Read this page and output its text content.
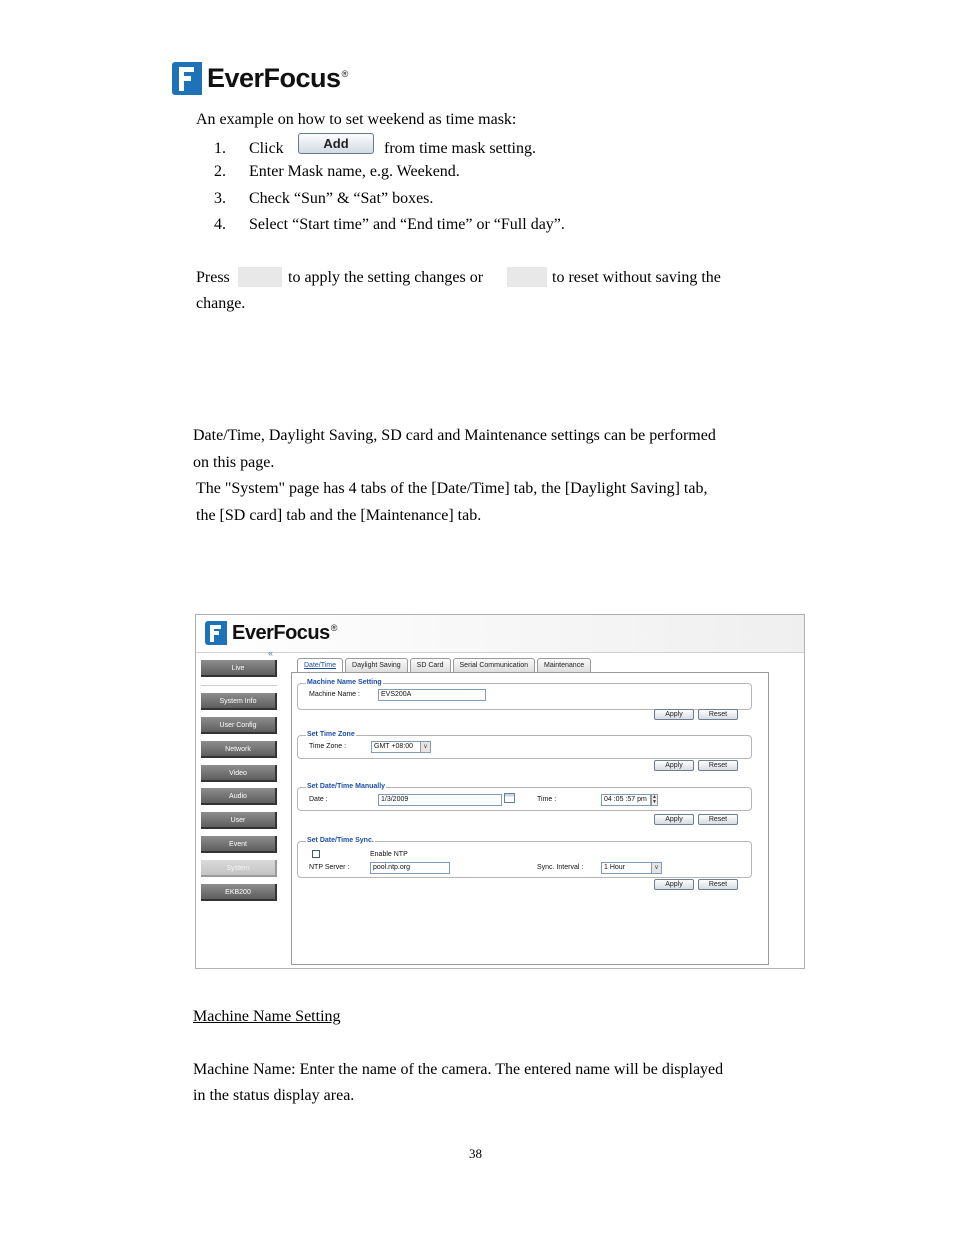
EverFocus®
An example on how to set weekend as time mask:
1. Click	Add	from time mask setting.
2. Enter Mask name, e.g. Weekend.
3. Check “Sun” & “Sat” boxes.
4. Select “Start time” and “End time” or “Full day”.
Press	to apply the setting changes or	to reset without saving the
change.
Date/Time, Daylight Saving, SD card and Maintenance settings can be performed
on this page.
The "System" page has 4 tabs of the [Date/Time] tab, the [Daylight Saving] tab,
the [SD card] tab and the [Maintenance] tab.
EverFocus®
«
Live
System Info
User Config
Network
Video
Audio
User
Event
System
EKB200
Date/Time	Daylight Saving	SD Card	Serial Communication	Maintenance
Machine Name Setting
Machine Name :	EVS200A
Apply	Reset
Set Time Zone
Time Zone :	GMT +08:00	v
Apply	Reset
Set Date/Time Manually
Date :	1/3/2009	Time :	04 :05 :57 pm	▲
▼
Apply	Reset
Set Date/Time Sync.
Enable NTP
NTP Server :	pool.ntp.org	Sync. Interval :	1 Hour	v
Apply	Reset
Machine Name Setting
Machine Name: Enter the name of the camera. The entered name will be displayed
in the status display area.
38
